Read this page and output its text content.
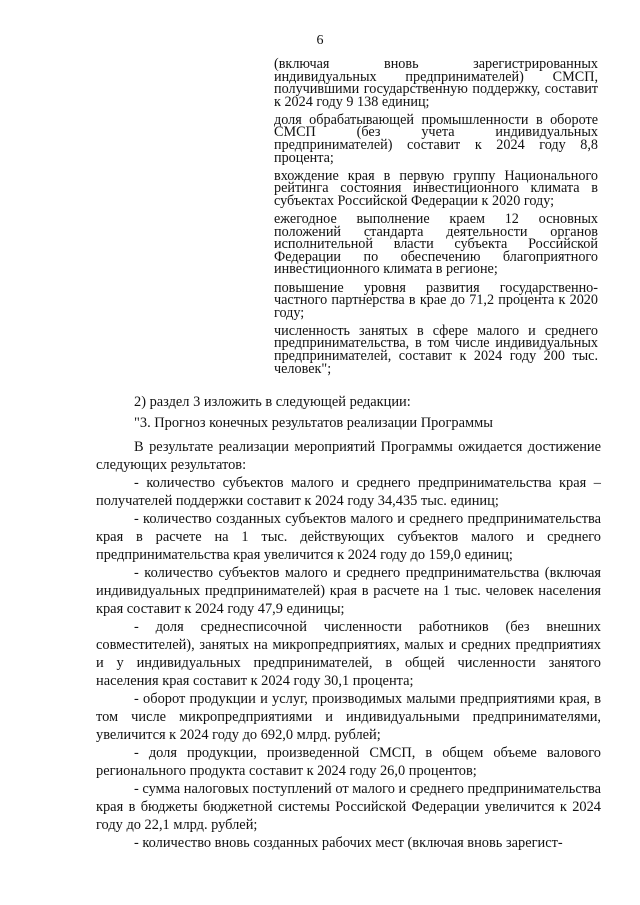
6

(включая вновь зарегистрированных индивидуальных предпринимателей) СМСП, получившими государственную поддержку, составит к 2024 году 9 138 единиц;

доля обрабатывающей промышленности в обороте СМСП (без учета индивидуальных предпринимателей) составит к 2024 году 8,8 процента;

вхождение края в первую группу Национального рейтинга состояния инвестиционного климата в субъектах Российской Федерации к 2020 году;

ежегодное выполнение краем 12 основных положений стандарта деятельности органов исполнительной власти субъекта Российской Федерации по обеспечению благоприятного инвестиционного климата в регионе;

повышение уровня развития государственно-частного партнерства в крае до 71,2 процента к 2020 году;

численность занятых в сфере малого и среднего предпринимательства, в том числе индивидуальных предпринимателей, составит к 2024 году 200 тыс. человек";

2) раздел 3 изложить в следующей редакции:

"3. Прогноз конечных результатов реализации Программы

В результате реализации мероприятий Программы ожидается достижение следующих результатов:

- количество субъектов малого и среднего предпринимательства края – получателей поддержки составит к 2024 году 34,435 тыс. единиц;

- количество созданных субъектов малого и среднего предпринимательства края в расчете на 1 тыс. действующих субъектов малого и среднего предпринимательства края увеличится к 2024 году до 159,0 единиц;

- количество субъектов малого и среднего предпринимательства (включая индивидуальных предпринимателей) края в расчете на 1 тыс. человек населения края составит к 2024 году 47,9 единицы;

- доля среднесписочной численности работников (без внешних совместителей), занятых на микропредприятиях, малых и средних предприятиях и у индивидуальных предпринимателей, в общей численности занятого населения края составит к 2024 году 30,1 процента;

- оборот продукции и услуг, производимых малыми предприятиями края, в том числе микропредприятиями и индивидуальными предпринимателями, увеличится к 2024 году до 692,0 млрд. рублей;

- доля продукции, произведенной СМСП, в общем объеме валового регионального продукта составит к 2024 году 26,0 процентов;

- сумма налоговых поступлений от малого и среднего предпринимательства края в бюджеты бюджетной системы Российской Федерации увеличится к 2024 году до 22,1 млрд. рублей;

- количество вновь созданных рабочих мест (включая вновь зарегист-
